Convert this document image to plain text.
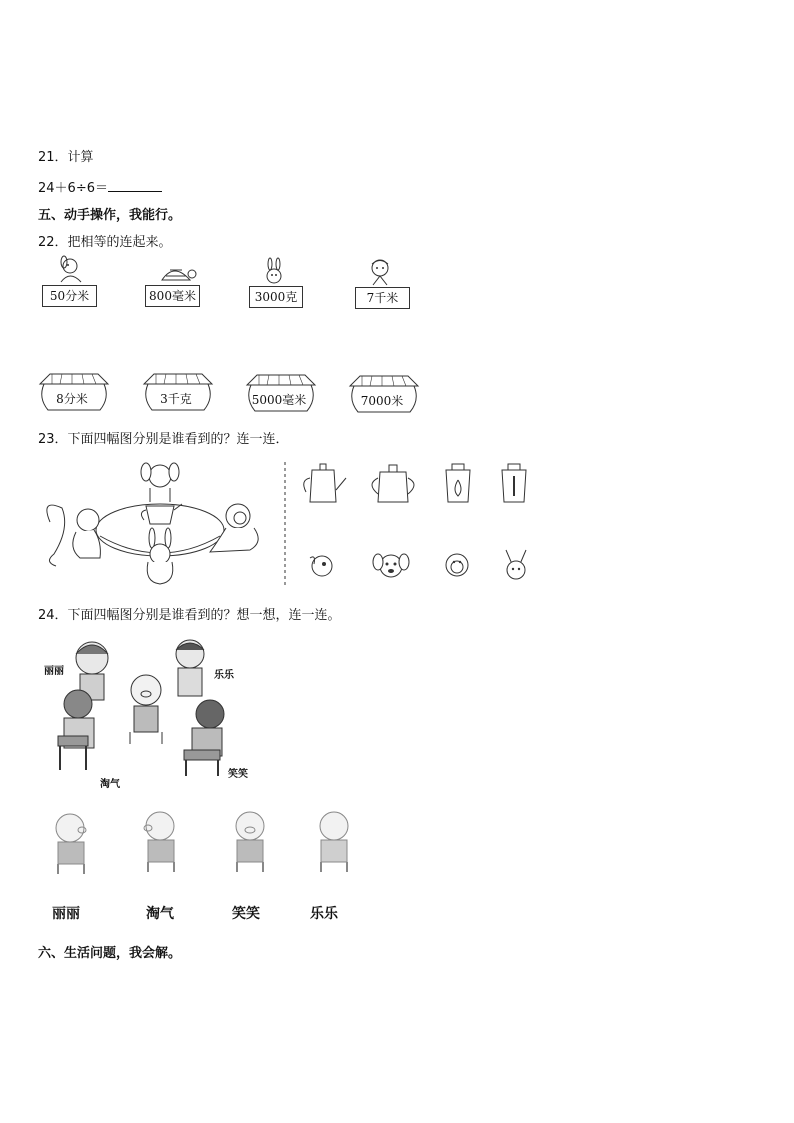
21．计算
24＋6÷6＝
五、动手操作，我能行。
22．把相等的连起来。
50分米	800毫米	3000克	7千米
8分米	3千克	5000毫米	7000米
23．下面四幅图分别是谁看到的？连一连．
24．下面四幅图分别是谁看到的？想一想，连一连。
丽丽	乐乐
淘气
笑笑
丽丽	淘气	笑笑	乐乐
六、生活问题，我会解。
